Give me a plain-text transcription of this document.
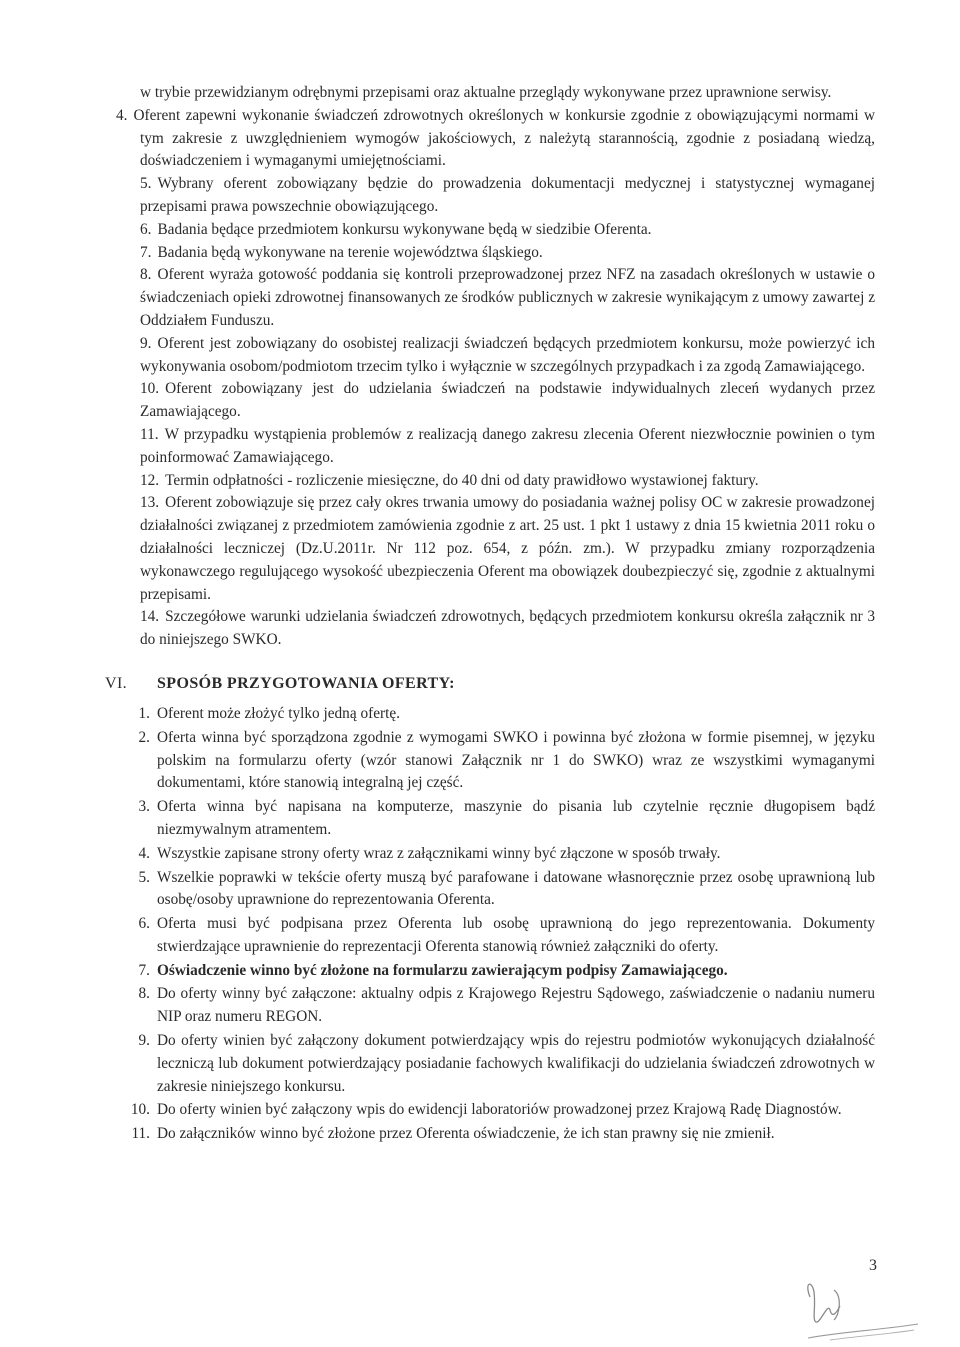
w trybie przewidzianym odrębnymi przepisami oraz aktualne przeglądy wykonywane przez uprawnione serwisy.
4. Oferent zapewni wykonanie świadczeń zdrowotnych określonych w konkursie zgodnie z obowiązującymi normami w tym zakresie z uwzględnieniem wymogów jakościowych, z należytą starannością, zgodnie z posiadaną wiedzą, doświadczeniem i wymaganymi umiejętnościami.
5. Wybrany oferent zobowiązany będzie do prowadzenia dokumentacji medycznej i statystycznej wymaganej przepisami prawa powszechnie obowiązującego.
6. Badania będące przedmiotem konkursu wykonywane będą w siedzibie Oferenta.
7. Badania będą wykonywane na terenie województwa śląskiego.
8. Oferent wyraża gotowość poddania się kontroli przeprowadzonej przez NFZ na zasadach określonych w ustawie o świadczeniach opieki zdrowotnej finansowanych ze środków publicznych w zakresie wynikającym z umowy zawartej z Oddziałem Funduszu.
9. Oferent jest zobowiązany do osobistej realizacji świadczeń będących przedmiotem konkursu, może powierzyć ich wykonywania osobom/podmiotom trzecim tylko i wyłącznie w szczególnych przypadkach i za zgodą Zamawiającego.
10. Oferent zobowiązany jest do udzielania świadczeń na podstawie indywidualnych zleceń wydanych przez Zamawiającego.
11. W przypadku wystąpienia problemów z realizacją danego zakresu zlecenia Oferent niezwłocznie powinien o tym poinformować Zamawiającego.
12. Termin odpłatności - rozliczenie miesięczne, do 40 dni od daty prawidłowo wystawionej faktury.
13. Oferent zobowiązuje się przez cały okres trwania umowy do posiadania ważnej polisy OC w zakresie prowadzonej działalności związanej z przedmiotem zamówienia zgodnie z art. 25 ust. 1 pkt 1 ustawy z dnia 15 kwietnia 2011 roku o działalności leczniczej (Dz.U.2011r. Nr 112 poz. 654, z późn. zm.). W przypadku zmiany rozporządzenia wykonawczego regulującego wysokość ubezpieczenia Oferent ma obowiązek doubezpieczyć się, zgodnie z aktualnymi przepisami.
14. Szczegółowe warunki udzielania świadczeń zdrowotnych, będących przedmiotem konkursu określa załącznik nr 3 do niniejszego SWKO.
VI. SPOSÓB PRZYGOTOWANIA OFERTY:
1. Oferent może złożyć tylko jedną ofertę.
2. Oferta winna być sporządzona zgodnie z wymogami SWKO i powinna być złożona w formie pisemnej, w języku polskim na formularzu oferty (wzór stanowi Załącznik nr 1 do SWKO) wraz ze wszystkimi wymaganymi dokumentami, które stanowią integralną jej część.
3. Oferta winna być napisana na komputerze, maszynie do pisania lub czytelnie ręcznie długopisem bądź niezmywalnym atramentem.
4. Wszystkie zapisane strony oferty wraz z załącznikami winny być złączone w sposób trwały.
5. Wszelkie poprawki w tekście oferty muszą być parafowane i datowane własnoręcznie przez osobę uprawnioną lub osobę/osoby uprawnione do reprezentowania Oferenta.
6. Oferta musi być podpisana przez Oferenta lub osobę uprawnioną do jego reprezentowania. Dokumenty stwierdzające uprawnienie do reprezentacji Oferenta stanowią również załączniki do oferty.
7. Oświadczenie winno być złożone na formularzu zawierającym podpisy Zamawiającego.
8. Do oferty winny być załączone: aktualny odpis z Krajowego Rejestru Sądowego, zaświadczenie o nadaniu numeru NIP oraz numeru REGON.
9. Do oferty winien być załączony dokument potwierdzający wpis do rejestru podmiotów wykonujących działalność leczniczą lub dokument potwierdzający posiadanie fachowych kwalifikacji do udzielania świadczeń zdrowotnych w zakresie niniejszego konkursu.
10. Do oferty winien być załączony wpis do ewidencji laboratoriów prowadzonej przez Krajową Radę Diagnostów.
11. Do załączników winno być złożone przez Oferenta oświadczenie, że ich stan prawny się nie zmienił.
3
